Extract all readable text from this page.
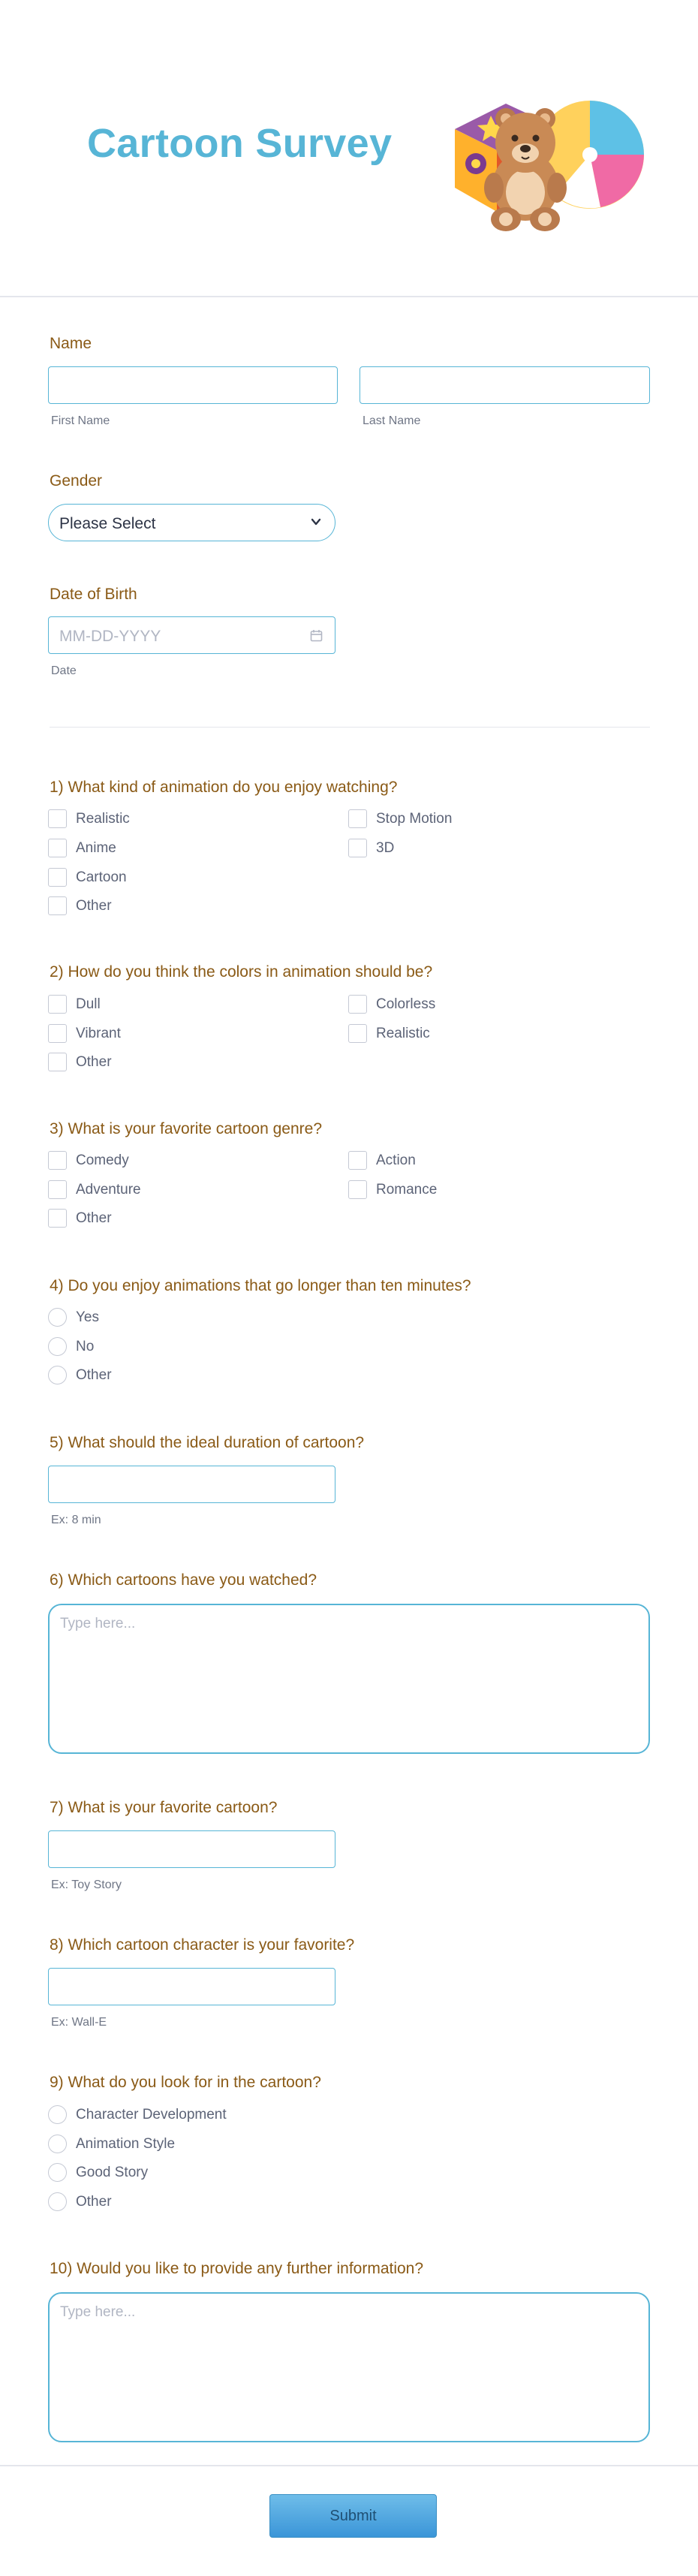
Cartoon Survey
Name
First Name	Last Name
Gender
Please Select
Date of Birth
MM-DD-YYYY
Date
1) What kind of animation do you enjoy watching?
Realistic
Anime
Cartoon
Other
Stop Motion
3D
2) How do you think the colors in animation should be?
Dull
Vibrant
Other
Colorless
Realistic
3) What is your favorite cartoon genre?
Comedy
Adventure
Other
Action
Romance
4) Do you enjoy animations that go longer than ten minutes?
Yes
No
Other
5) What should the ideal duration of cartoon?
Ex: 8 min
6) Which cartoons have you watched?
Type here...
7) What is your favorite cartoon?
Ex: Toy Story
8) Which cartoon character is your favorite?
Ex: Wall-E
9) What do you look for in the cartoon?
Character Development
Animation Style
Good Story
Other
10) Would you like to provide any further information?
Type here...
Submit
